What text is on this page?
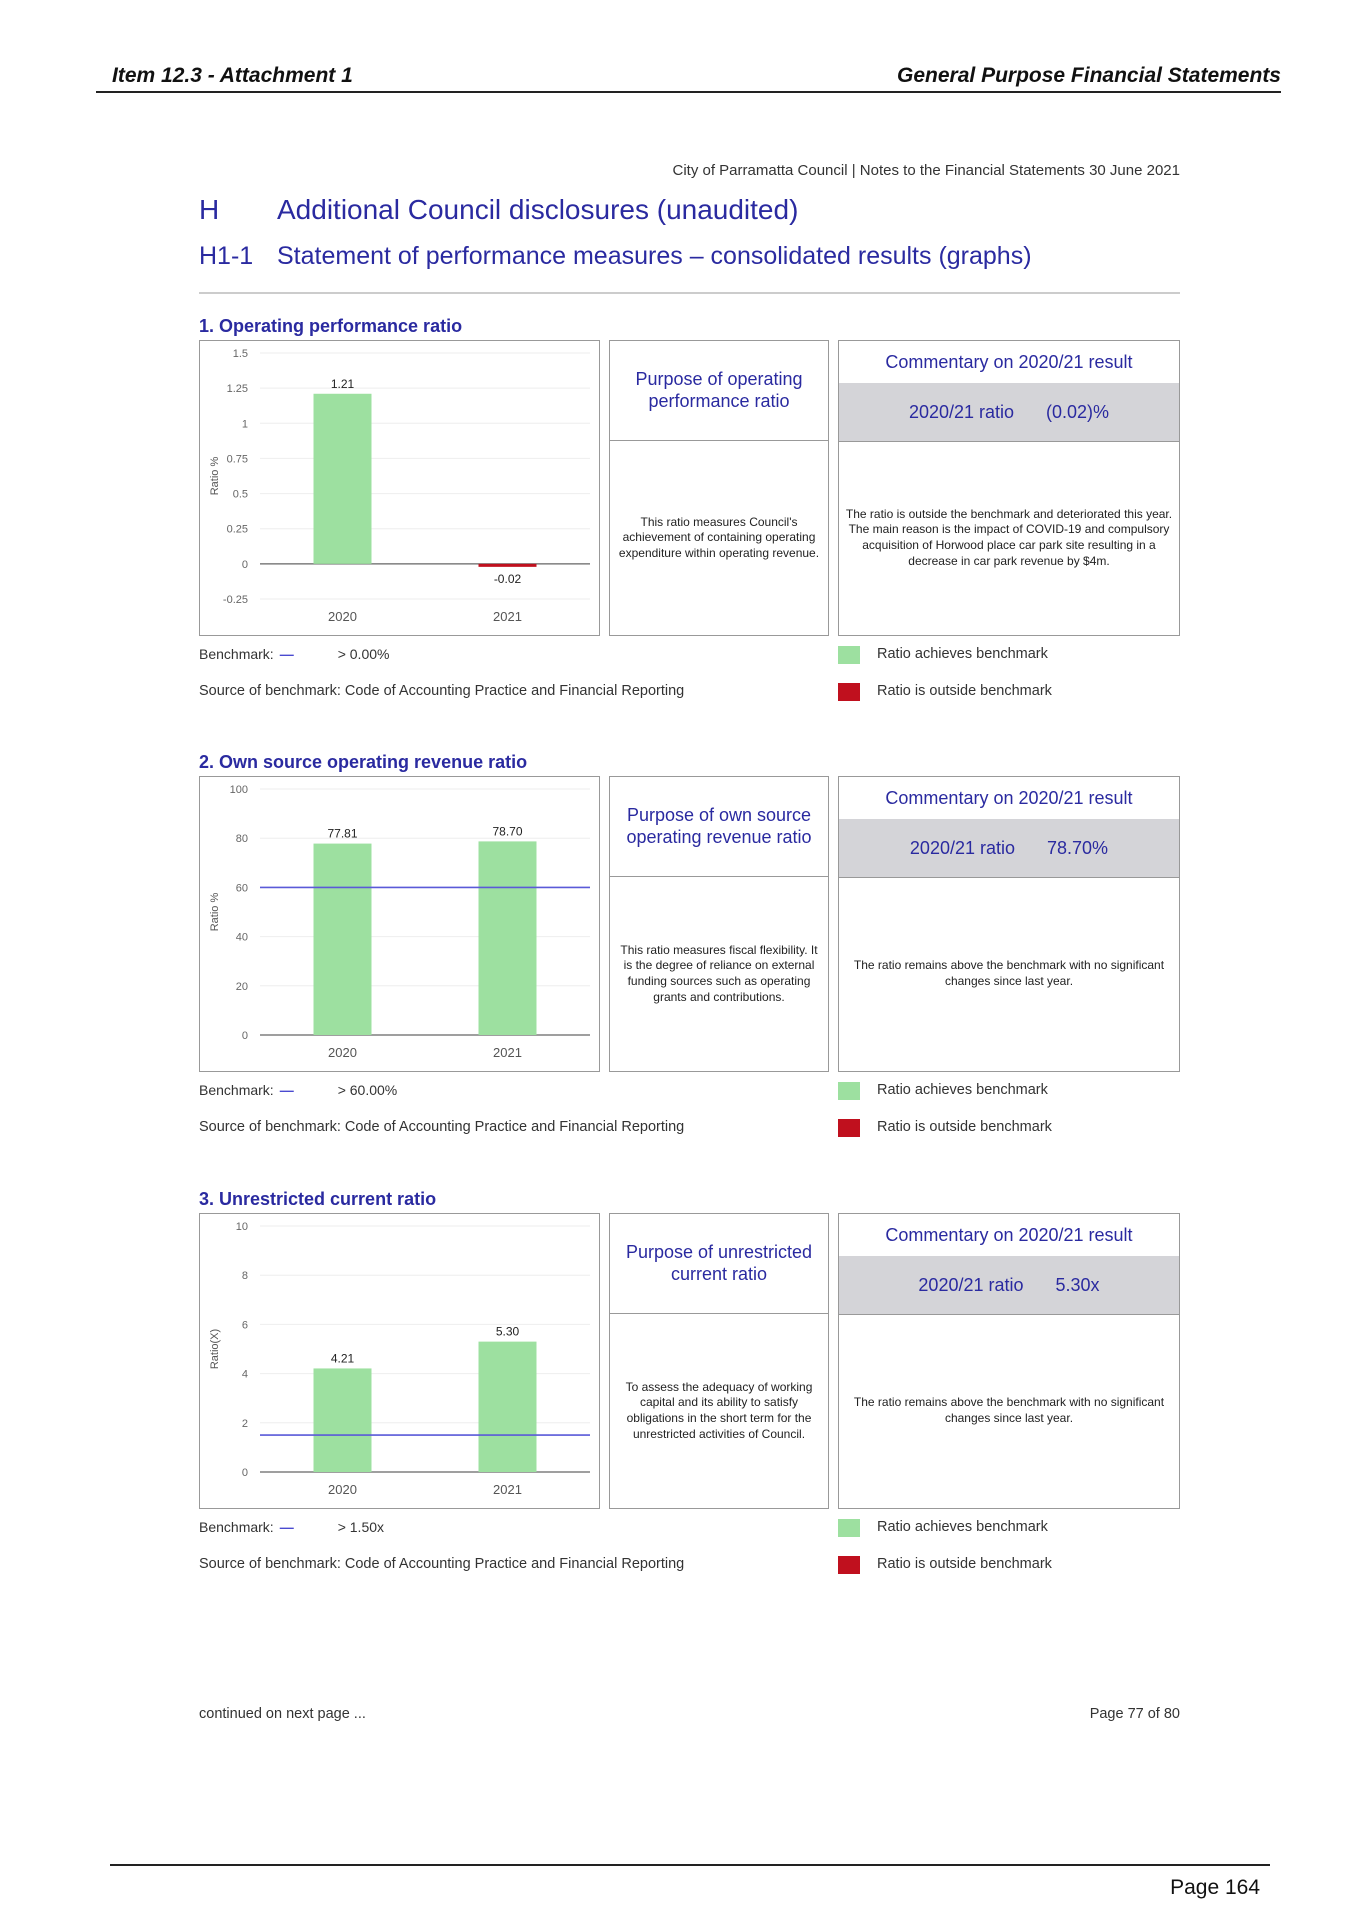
Item 12.3 - Attachment 1	General Purpose Financial Statements
City of Parramatta Council | Notes to the Financial Statements 30 June 2021
H Additional Council disclosures (unaudited)
H1-1 Statement of performance measures – consolidated results (graphs)
1. Operating performance ratio
-0.25
0
0.25
0.5
0.75
1
1.25
1.5
Ratio %
1.21
2020
-0.02
2021
Purpose of operating performance ratio
This ratio measures Council's achievement of containing operating expenditure within operating revenue.
Commentary on 2020/21 result
2020/21 ratio (0.02)%
The ratio is outside the benchmark and deteriorated this year. The main reason is the impact of COVID-19 and compulsory acquisition of Horwood place car park site resulting in a decrease in car park revenue by $4m.
Benchmark: —	> 0.00%
Source of benchmark: Code of Accounting Practice and Financial Reporting
Ratio achieves benchmark
Ratio is outside benchmark
2. Own source operating revenue ratio
0
20
40
60
80
100
Ratio %
77.81
2020
78.70
2021
Purpose of own source operating revenue ratio
This ratio measures fiscal flexibility. It is the degree of reliance on external funding sources such as operating grants and contributions.
Commentary on 2020/21 result
2020/21 ratio 78.70%
The ratio remains above the benchmark with no significant changes since last year.
Benchmark: —	> 60.00%
Source of benchmark: Code of Accounting Practice and Financial Reporting
Ratio achieves benchmark
Ratio is outside benchmark
3. Unrestricted current ratio
0
2
4
6
8
10
Ratio(X)	4.21
2020
5.30
2021
Purpose of unrestricted current ratio
To assess the adequacy of working capital and its ability to satisfy obligations in the short term for the unrestricted activities of Council.
Commentary on 2020/21 result
2020/21 ratio 5.30x
The ratio remains above the benchmark with no significant changes since last year.
Benchmark: —	> 1.50x
Source of benchmark: Code of Accounting Practice and Financial Reporting
Ratio achieves benchmark
Ratio is outside benchmark
continued on next page ...	Page 77 of 80
Page 164
